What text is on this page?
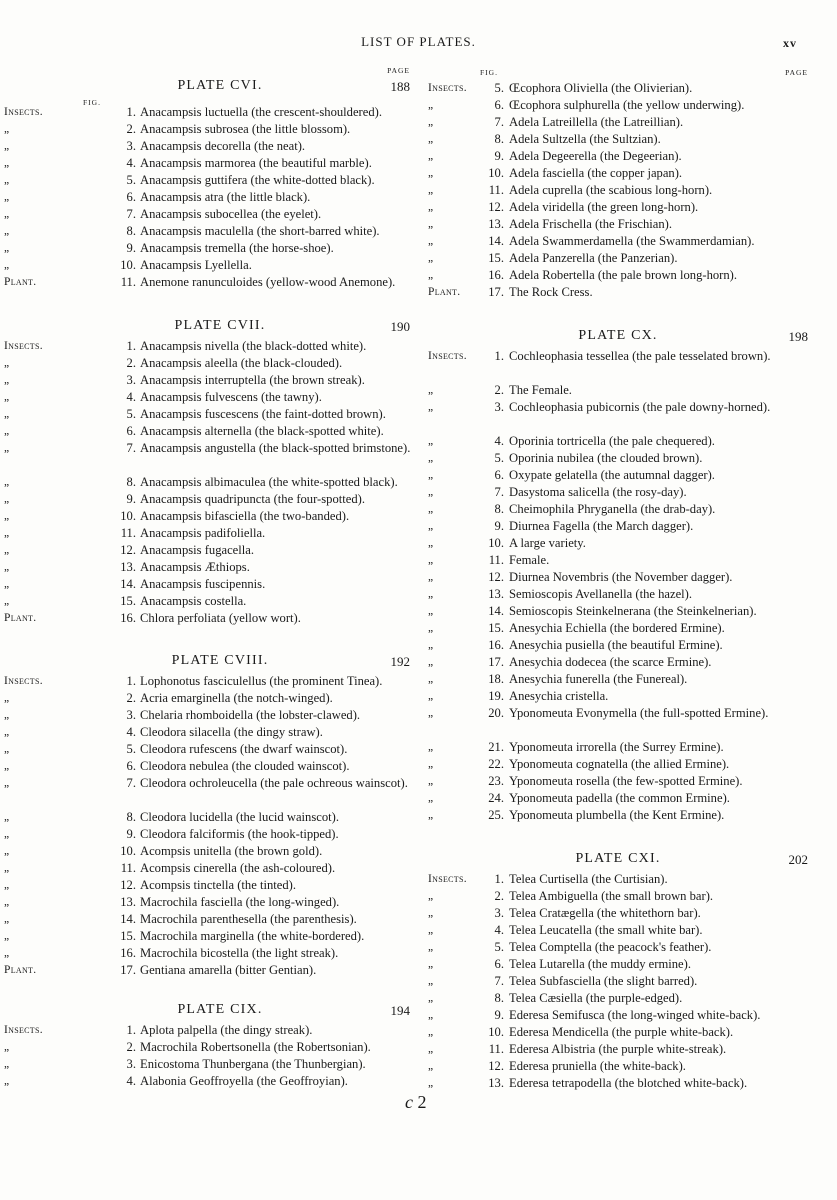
LIST OF PLATES.	xv
PLATE CVI.	188
PAGE
FIG.
Insects.	1. Anacampsis luctuella (the crescent-shouldered).
„	2. Anacampsis subrosea (the little blossom).
„	3. Anacampsis decorella (the neat).
„	4. Anacampsis marmorea (the beautiful marble).
„	5. Anacampsis guttifera (the white-dotted black).
„	6. Anacampsis atra (the little black).
„	7. Anacampsis subocellea (the eyelet).
„	8. Anacampsis maculella (the short-barred white).
„	9. Anacampsis tremella (the horse-shoe).
„	10. Anacampsis Lyellella.
Plant.	11. Anemone ranunculoides (yellow-wood Anemone).
PLATE CVII.	190
Insects.	1. Anacampsis nivella (the black-dotted white).
„	2. Anacampsis aleella (the black-clouded).
„	3. Anacampsis interruptella (the brown streak).
„	4. Anacampsis fulvescens (the tawny).
„	5. Anacampsis fuscescens (the faint-dotted brown).
„	6. Anacampsis alternella (the black-spotted white).
„	7. Anacampsis angustella (the black-spotted brimstone).
„	8. Anacampsis albimaculea (the white-spotted black).
„	9. Anacampsis quadripuncta (the four-spotted).
„	10. Anacampsis bifasciella (the two-banded).
„	11. Anacampsis padifoliella.
„	12. Anacampsis fugacella.
„	13. Anacampsis Æthiops.
„	14. Anacampsis fuscipennis.
„	15. Anacampsis costella.
Plant.	16. Chlora perfoliata (yellow wort).
PLATE CVIII.	192
Insects.	1. Lophonotus fasciculellus (the prominent Tinea).
„	2. Acria emarginella (the notch-winged).
„	3. Chelaria rhomboidella (the lobster-clawed).
„	4. Cleodora silacella (the dingy straw).
„	5. Cleodora rufescens (the dwarf wainscot).
„	6. Cleodora nebulea (the clouded wainscot).
„	7. Cleodora ochroleucella (the pale ochreous wainscot).
„	8. Cleodora lucidella (the lucid wainscot).
„	9. Cleodora falciformis (the hook-tipped).
„	10. Acompsis unitella (the brown gold).
„	11. Acompsis cinerella (the ash-coloured).
„	12. Acompsis tinctella (the tinted).
„	13. Macrochila fasciella (the long-winged).
„	14. Macrochila parenthesella (the parenthesis).
„	15. Macrochila marginella (the white-bordered).
„	16. Macrochila bicostella (the light streak).
Plant.	17. Gentiana amarella (bitter Gentian).
PLATE CIX.	194
Insects.	1. Aplota palpella (the dingy streak).
„	2. Macrochila Robertsonella (the Robertsonian).
„	3. Enicostoma Thunbergana (the Thunbergian).
„	4. Alabonia Geoffroyella (the Geoffroyian).
FIG.	PAGE
Insects.	5. Œcophora Oliviella (the Olivierian).
„	6. Œcophora sulphurella (the yellow underwing).
„	7. Adela Latreillella (the Latreillian).
„	8. Adela Sultzella (the Sultzian).
„	9. Adela Degeerella (the Degeerian).
„	10. Adela fasciella (the copper japan).
„	11. Adela cuprella (the scabious long-horn).
„	12. Adela viridella (the green long-horn).
„	13. Adela Frischella (the Frischian).
„	14. Adela Swammerdamella (the Swammerdamian).
„	15. Adela Panzerella (the Panzerian).
„	16. Adela Robertella (the pale brown long-horn).
Plant.	17. The Rock Cress.
PLATE CX.	198
Insects.	1. Cochleophasia tessellea (the pale tesselated brown).
„	2. The Female.
„	3. Cochleophasia pubicornis (the pale downy-horned).
„	4. Oporinia tortricella (the pale chequered).
„	5. Oporinia nubilea (the clouded brown).
„	6. Oxypate gelatella (the autumnal dagger).
„	7. Dasystoma salicella (the rosy-day).
„	8. Cheimophila Phryganella (the drab-day).
„	9. Diurnea Fagella (the March dagger).
„	10. A large variety.
„	11. Female.
„	12. Diurnea Novembris (the November dagger).
„	13. Semioscopis Avellanella (the hazel).
„	14. Semioscopis Steinkelnerana (the Steinkelnerian).
„	15. Anesychia Echiella (the bordered Ermine).
„	16. Anesychia pusiella (the beautiful Ermine).
„	17. Anesychia dodecea (the scarce Ermine).
„	18. Anesychia funerella (the Funereal).
„	19. Anesychia cristella.
„	20. Yponomeuta Evonymella (the full-spotted Ermine).
„	21. Yponomeuta irrorella (the Surrey Ermine).
„	22. Yponomeuta cognatella (the allied Ermine).
„	23. Yponomeuta rosella (the few-spotted Ermine).
„	24. Yponomeuta padella (the common Ermine).
„	25. Yponomeuta plumbella (the Kent Ermine).
PLATE CXI.	202
Insects.	1. Telea Curtisella (the Curtisian).
„	2. Telea Ambiguella (the small brown bar).
„	3. Telea Cratægella (the whitethorn bar).
„	4. Telea Leucatella (the small white bar).
„	5. Telea Comptella (the peacock's feather).
„	6. Telea Lutarella (the muddy ermine).
„	7. Telea Subfasciella (the slight barred).
„	8. Telea Cæsiella (the purple-edged).
„	9. Ederesa Semifusca (the long-winged white-back).
„	10. Ederesa Mendicella (the purple white-back).
„	11. Ederesa Albistria (the purple white-streak).
„	12. Ederesa pruniella (the white-back).
„	13. Ederesa tetrapodella (the blotched white-back).
c 2
